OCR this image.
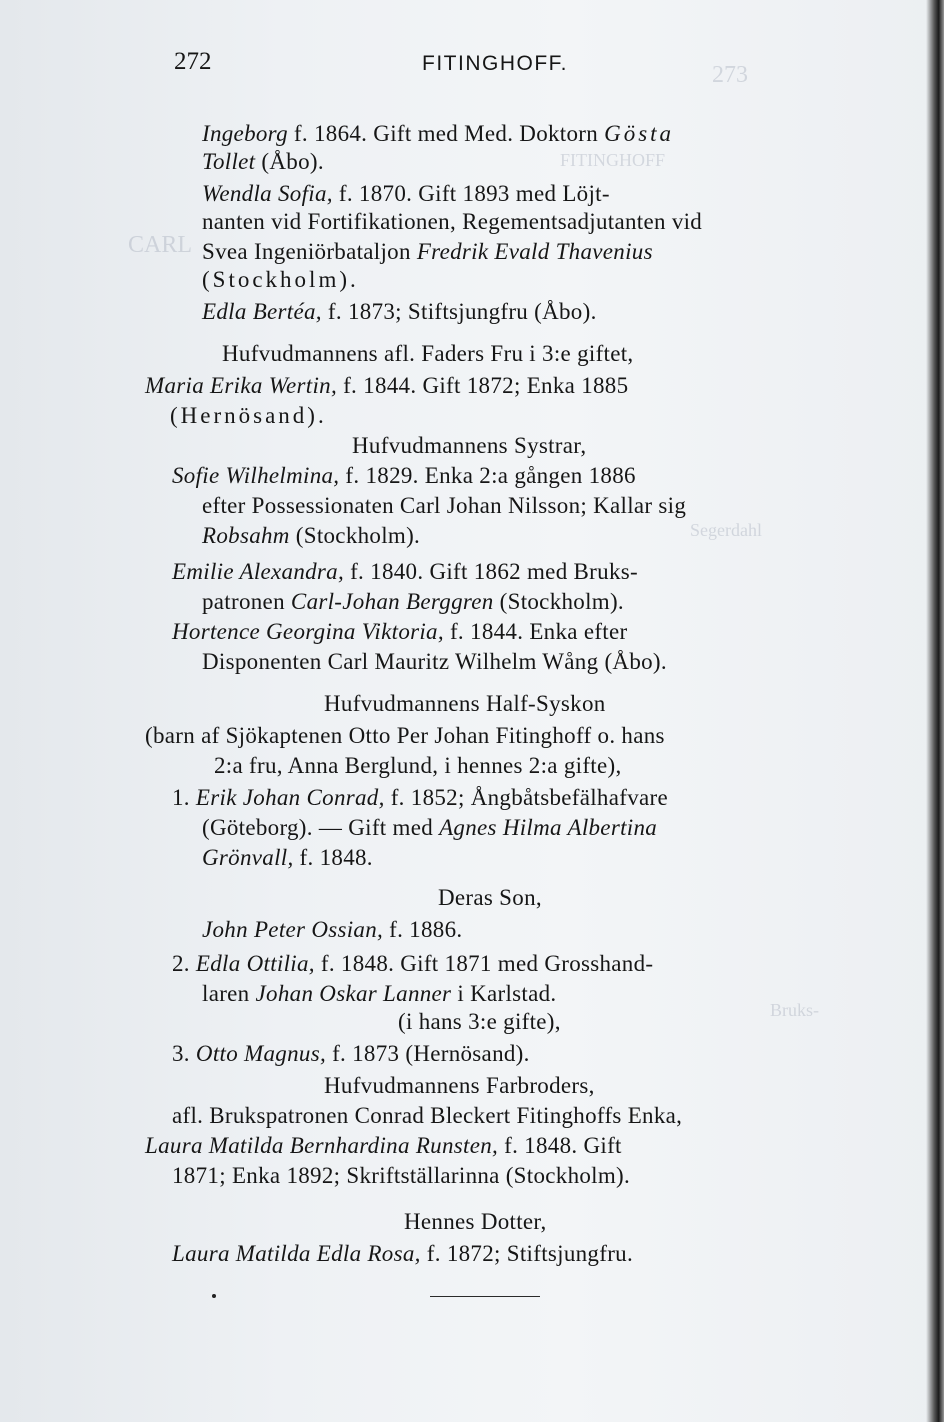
273
FITINGHOFF
CARL
Segerdahl
Bruks-
272	FITINGHOFF.
Ingeborg f. 1864. Gift med Med. Doktorn Gösta
Tollet (Åbo).
Wendla Sofia, f. 1870. Gift 1893 med Löjt-
nanten vid Fortifikationen, Regementsadjutanten vid
Svea Ingeniörbataljon Fredrik Evald Thavenius
(Stockholm).
Edla Bertéa, f. 1873; Stiftsjungfru (Åbo).
Hufvudmannens afl. Faders Fru i 3:e giftet,
Maria Erika Wertin, f. 1844. Gift 1872; Enka 1885
(Hernösand).
Hufvudmannens Systrar,
Sofie Wilhelmina, f. 1829. Enka 2:a gången 1886
efter Possessionaten Carl Johan Nilsson; Kallar sig
Robsahm (Stockholm).
Emilie Alexandra, f. 1840. Gift 1862 med Bruks-
patronen Carl-Johan Berggren (Stockholm).
Hortence Georgina Viktoria, f. 1844. Enka efter
Disponenten Carl Mauritz Wilhelm Wång (Åbo).
Hufvudmannens Half-Syskon
(barn af Sjökaptenen Otto Per Johan Fitinghoff o. hans
2:a fru, Anna Berglund, i hennes 2:a gifte),
1. Erik Johan Conrad, f. 1852; Ångbåtsbefälhafvare
(Göteborg). — Gift med Agnes Hilma Albertina
Grönvall, f. 1848.
Deras Son,
John Peter Ossian, f. 1886.
2. Edla Ottilia, f. 1848. Gift 1871 med Grosshand-
laren Johan Oskar Lanner i Karlstad.
(i hans 3:e gifte),
3. Otto Magnus, f. 1873 (Hernösand).
Hufvudmannens Farbroders,
afl. Brukspatronen Conrad Bleckert Fitinghoffs Enka,
Laura Matilda Bernhardina Runsten, f. 1848. Gift
1871; Enka 1892; Skriftställarinna (Stockholm).
Hennes Dotter,
Laura Matilda Edla Rosa, f. 1872; Stiftsjungfru.
